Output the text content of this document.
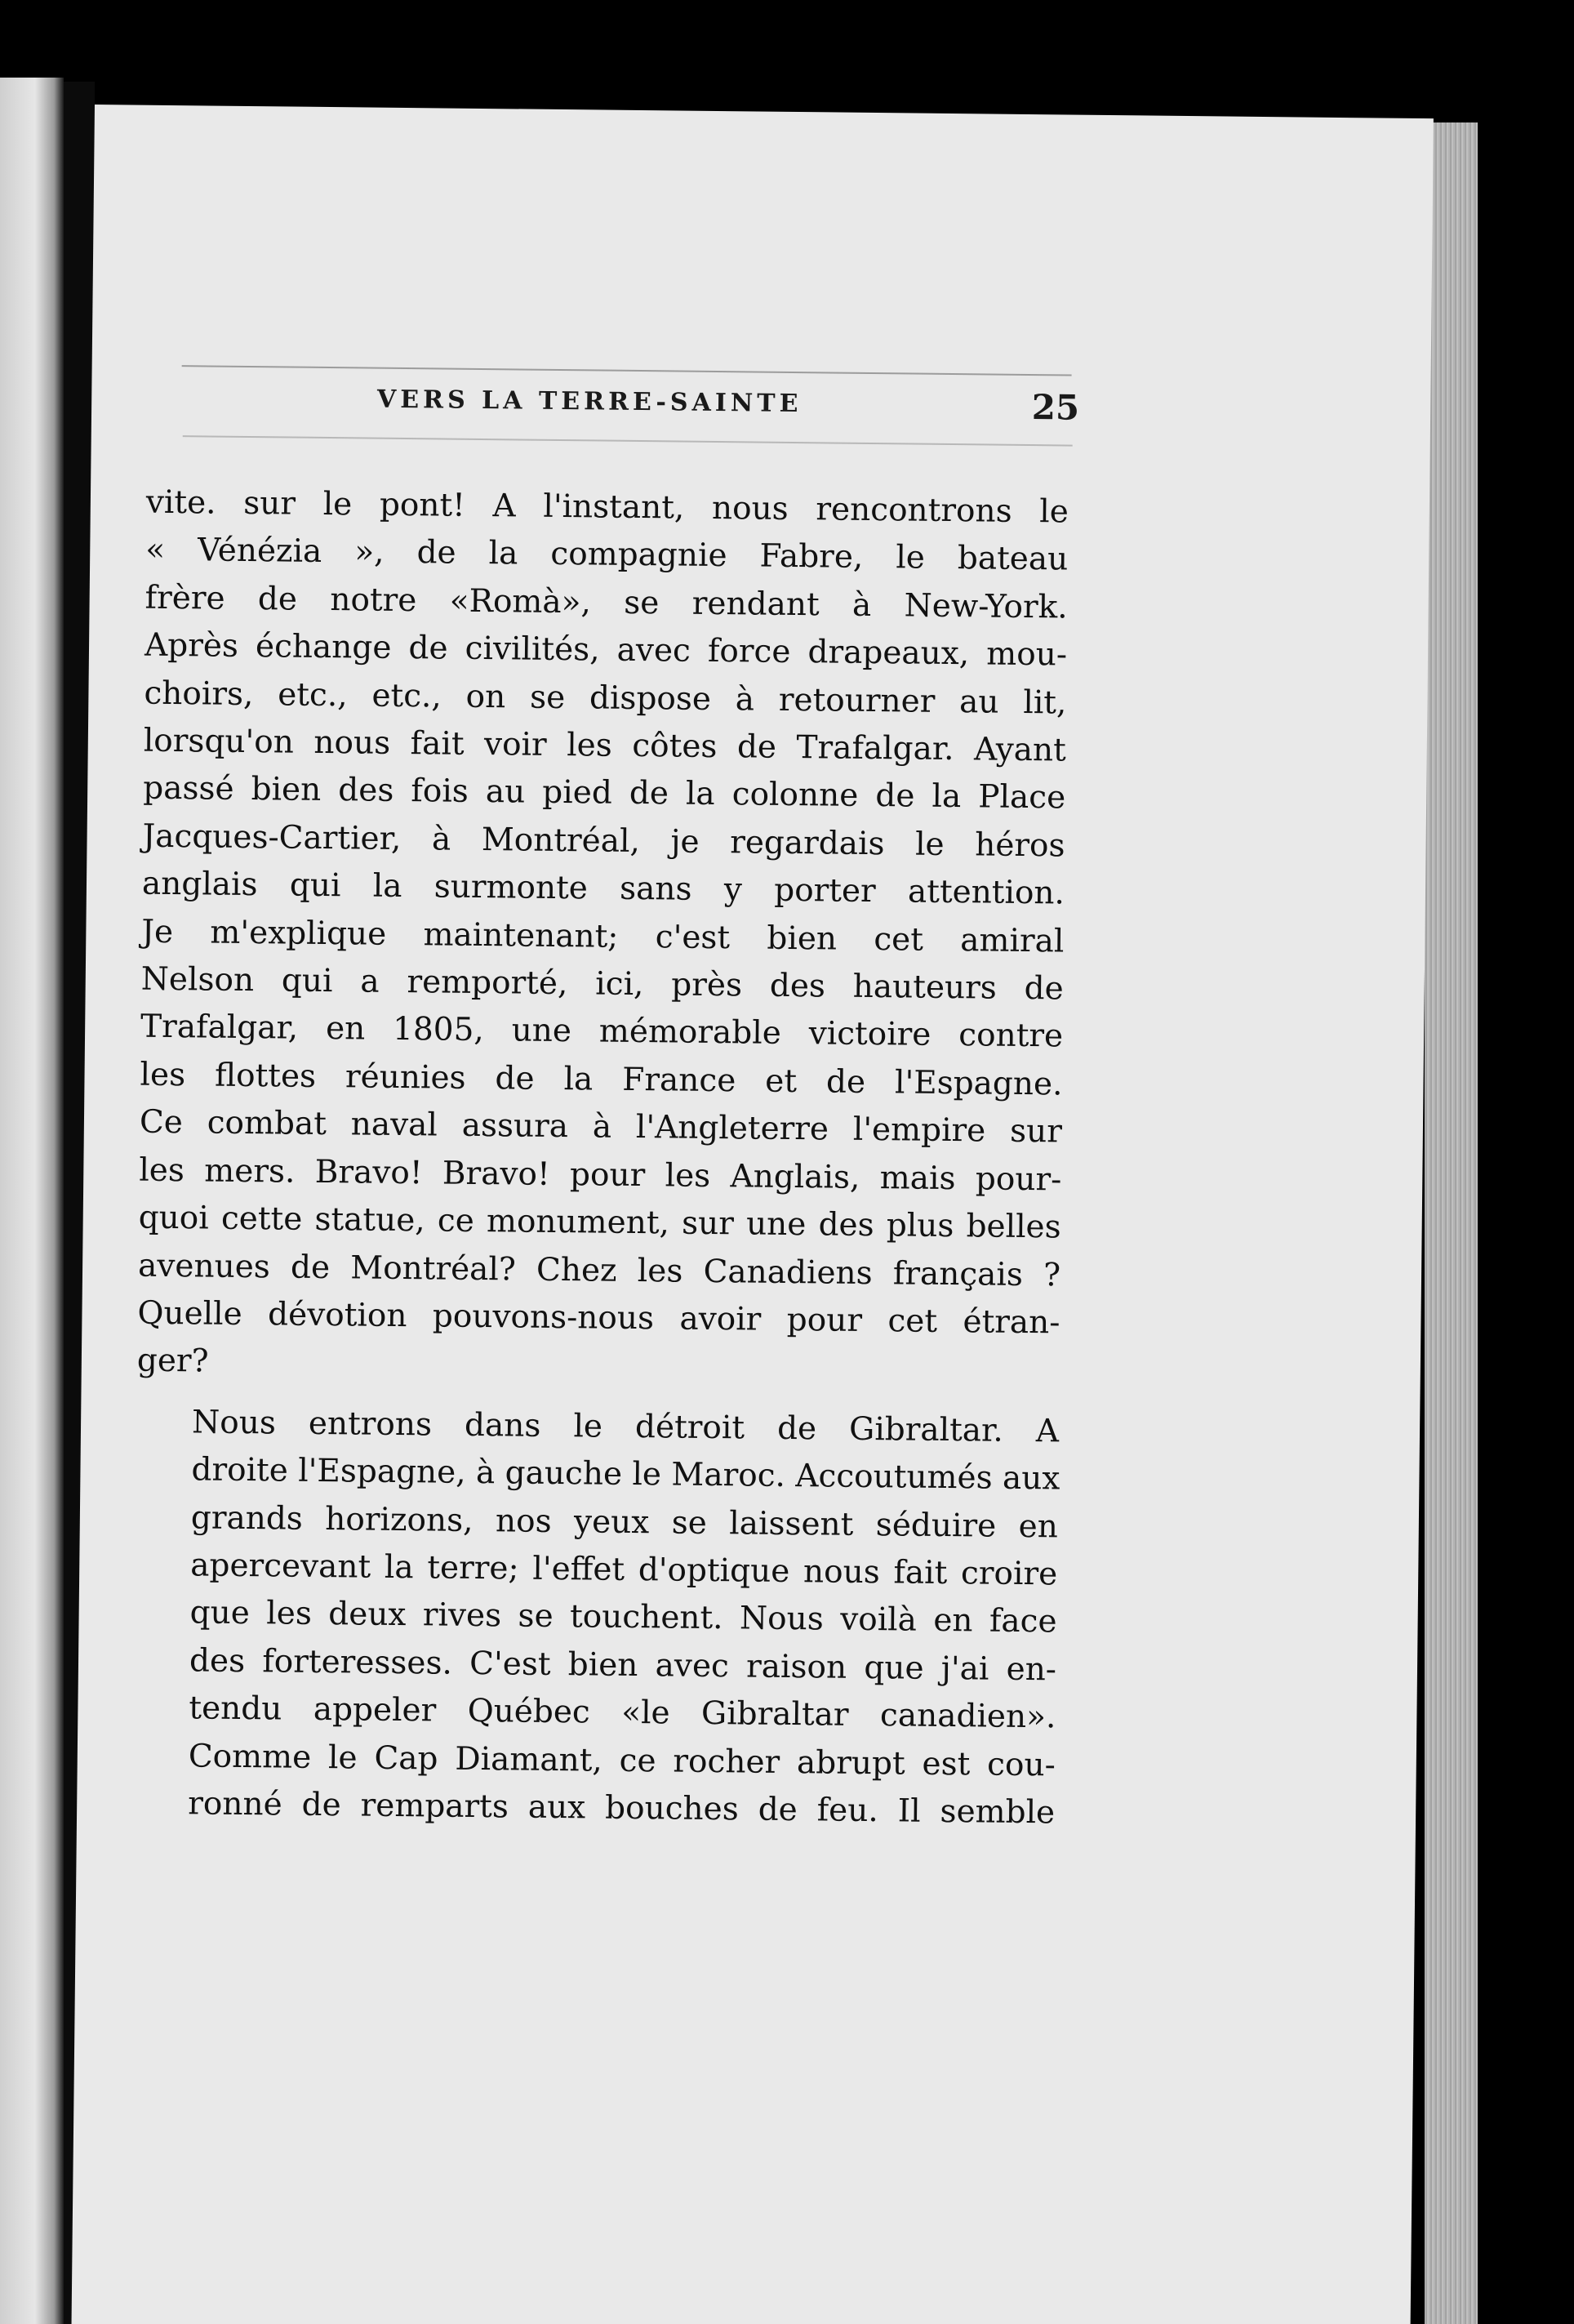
VERS LA TERRE-SAINTE	25

vite. sur le pont! A l'instant, nous rencontrons le
« Vénézia », de la compagnie Fabre, le bateau
frère de notre «Romà», se rendant à New-York.
Après échange de civilités, avec force drapeaux, mou-
choirs, etc., etc., on se dispose à retourner au lit,
lorsqu'on nous fait voir les côtes de Trafalgar. Ayant
passé bien des fois au pied de la colonne de la Place
Jacques-Cartier, à Montréal, je regardais le héros
anglais qui la surmonte sans y porter attention.
Je m'explique maintenant; c'est bien cet amiral
Nelson qui a remporté, ici, près des hauteurs de
Trafalgar, en 1805, une mémorable victoire contre
les flottes réunies de la France et de l'Espagne.
Ce combat naval assura à l'Angleterre l'empire sur
les mers. Bravo! Bravo! pour les Anglais, mais pour-
quoi cette statue, ce monument, sur une des plus belles
avenues de Montréal? Chez les Canadiens français ?
Quelle dévotion pouvons-nous avoir pour cet étran-
ger?

Nous entrons dans le détroit de Gibraltar. A
droite l'Espagne, à gauche le Maroc. Accoutumés aux
grands horizons, nos yeux se laissent séduire en
apercevant la terre; l'effet d'optique nous fait croire
que les deux rives se touchent. Nous voilà en face
des forteresses. C'est bien avec raison que j'ai en-
tendu appeler Québec «le Gibraltar canadien».
Comme le Cap Diamant, ce rocher abrupt est cou-
ronné de remparts aux bouches de feu. Il semble
